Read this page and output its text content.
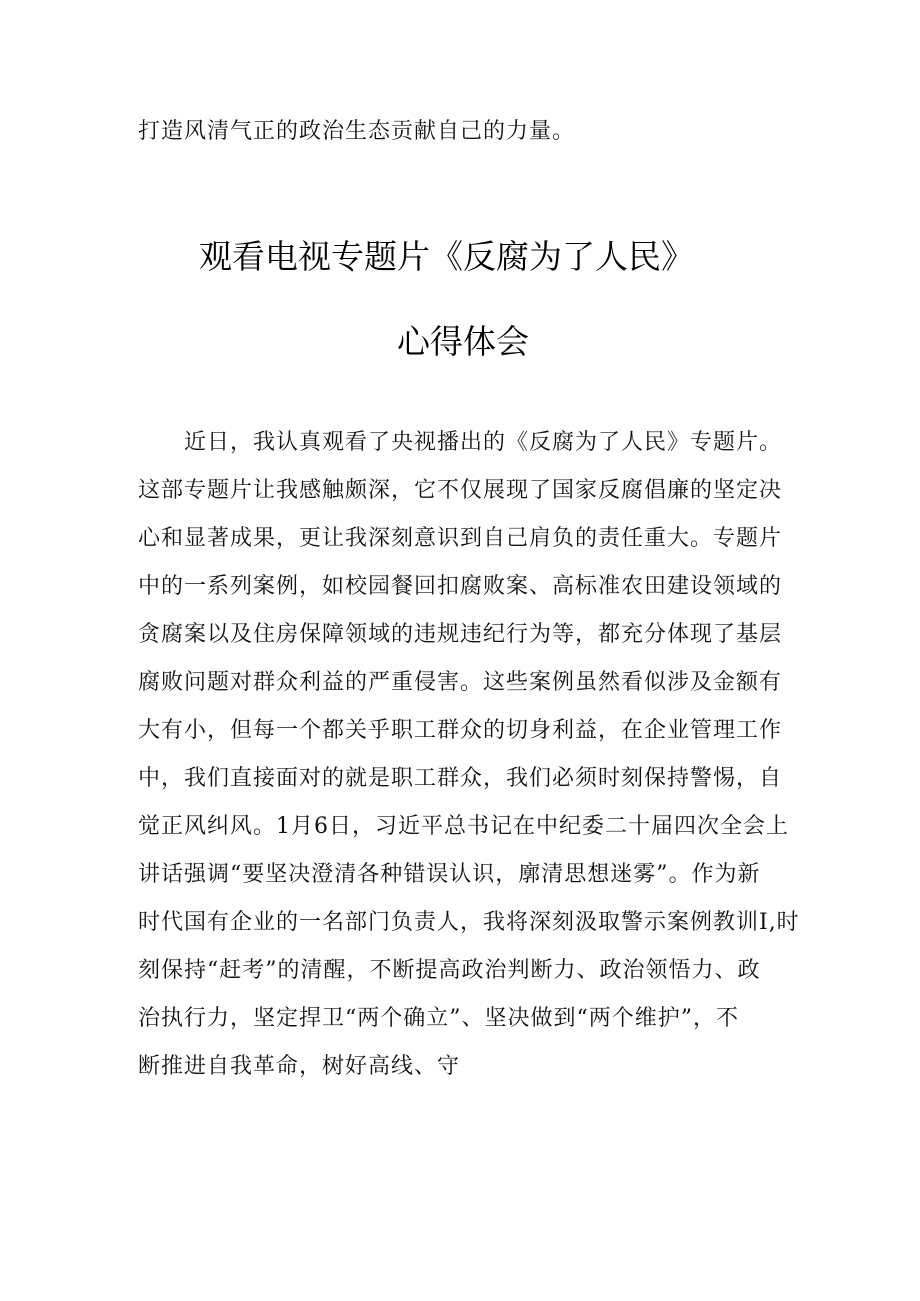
打造风清气正的政治生态贡献自己的力量。
观看电视专题片《反腐为了人民》
心得体会
　　近日，我认真观看了央视播出的《反腐为了人民》专题片。
这部专题片让我感触颇深，它不仅展现了国家反腐倡廉的坚定决
心和显著成果，更让我深刻意识到自己肩负的责任重大。专题片
中的一系列案例，如校园餐回扣腐败案、高标准农田建设领域的
贪腐案以及住房保障领域的违规违纪行为等，都充分体现了基层
腐败问题对群众利益的严重侵害。这些案例虽然看似涉及金额有
大有小，但每一个都关乎职工群众的切身利益，在企业管理工作
中，我们直接面对的就是职工群众，我们必须时刻保持警惕，自
觉正风纠风。1月6日，习近平总书记在中纪委二十届四次全会上
讲话强调“要坚决澄清各种错误认识，廓清思想迷雾”。作为新
时代国有企业的一名部门负责人，我将深刻汲取警示案例教训I,时
刻保持“赶考”的清醒，不断提高政治判断力、政治领悟力、政
治执行力，坚定捍卫“两个确立”、坚决做到“两个维护”，不
断推进自我革命，树好高线、守
